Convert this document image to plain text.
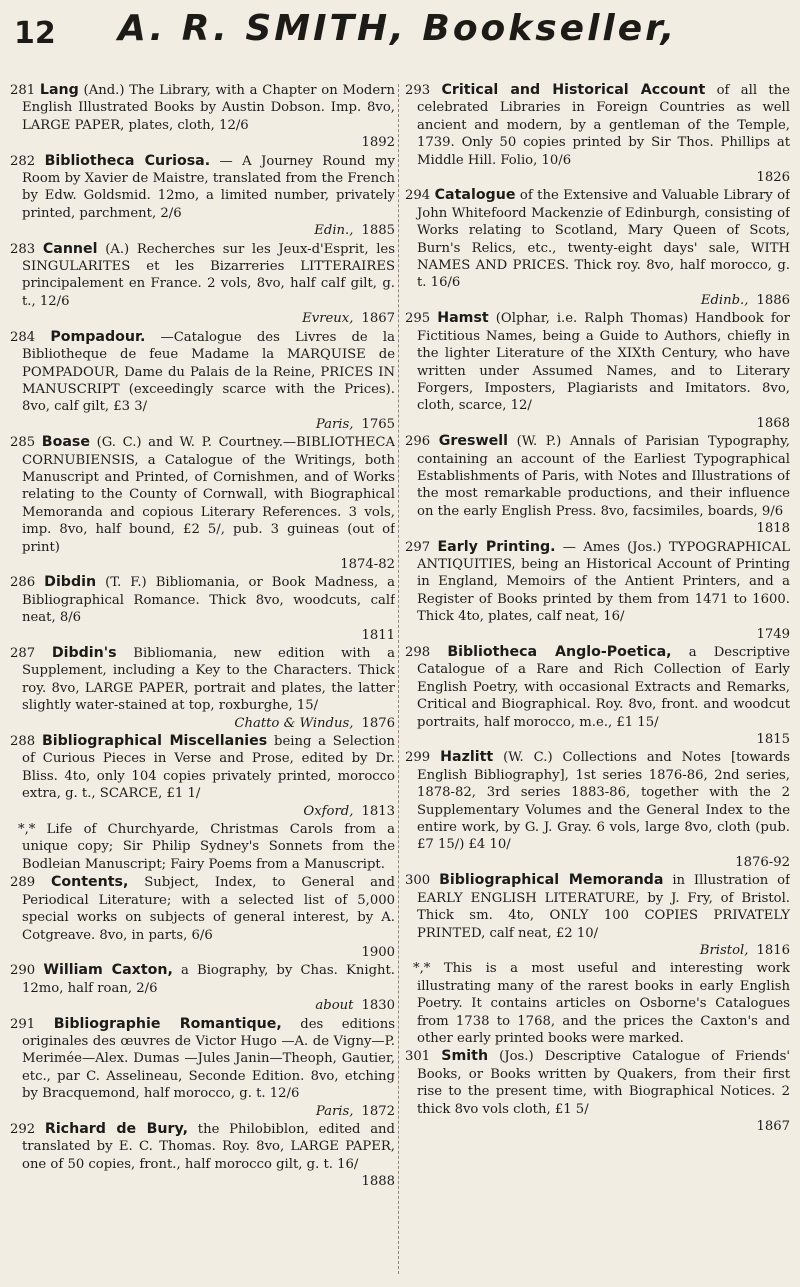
12 A. R. SMITH, Bookseller,

281 Lang (And.) The Library, with a Chapter on Modern English Illustrated Books by Austin Dobson. Imp. 8vo, LARGE PAPER, plates, cloth, 12/6
1892

282 Bibliotheca Curiosa. — A Journey Round my Room by Xavier de Maistre, translated from the French by Edw. Goldsmid. 12mo, a limited number, privately printed, parchment, 2/6
Edin., 1885

283 Cannel (A.) Recherches sur les Jeux-d'Esprit, les SINGULARITES et les Bizarreries LITTERAIRES principalement en France. 2 vols, 8vo, half calf gilt, g. t., 12/6
Evreux, 1867

284 Pompadour. —Catalogue des Livres de la Bibliotheque de feue Madame la MARQUISE de POMPADOUR, Dame du Palais de la Reine, PRICES IN MANUSCRIPT (exceedingly scarce with the Prices). 8vo, calf gilt, £3 3/
Paris, 1765

285 Boase (G. C.) and W. P. Courtney.—BIBLIOTHECA CORNUBIENSIS, a Catalogue of the Writings, both Manuscript and Printed, of Cornishmen, and of Works relating to the County of Cornwall, with Biographical Memoranda and copious Literary References. 3 vols, imp. 8vo, half bound, £2 5/, pub. 3 guineas (out of print)
1874-82

286 Dibdin (T. F.) Bibliomania, or Book Madness, a Bibliographical Romance. Thick 8vo, woodcuts, calf neat, 8/6
1811

287 Dibdin's Bibliomania, new edition with a Supplement, including a Key to the Characters. Thick roy. 8vo, LARGE PAPER, portrait and plates, the latter slightly water-stained at top, roxburghe, 15/
Chatto & Windus, 1876

288 Bibliographical Miscellanies being a Selection of Curious Pieces in Verse and Prose, edited by Dr. Bliss. 4to, only 104 copies privately printed, morocco extra, g. t., SCARCE, £1 1/
Oxford, 1813

*,* Life of Churchyarde, Christmas Carols from a unique copy; Sir Philip Sydney's Sonnets from the Bodleian Manuscript; Fairy Poems from a Manuscript.

289 Contents, Subject, Index, to General and Periodical Literature; with a selected list of 5,000 special works on subjects of general interest, by A. Cotgreave. 8vo, in parts, 6/6
1900

290 William Caxton, a Biography, by Chas. Knight. 12mo, half roan, 2/6
about 1830

291 Bibliographie Romantique, des editions originales des œuvres de Victor Hugo —A. de Vigny—P. Merimée—Alex. Dumas —Jules Janin—Theoph, Gautier, etc., par C. Asselineau, Seconde Edition. 8vo, etching by Bracquemond, half morocco, g. t. 12/6
Paris, 1872

292 Richard de Bury, the Philobiblon, edited and translated by E. C. Thomas. Roy. 8vo, LARGE PAPER, one of 50 copies, front., half morocco gilt, g. t. 16/
1888

293 Critical and Historical Account of all the celebrated Libraries in Foreign Countries as well ancient and modern, by a gentleman of the Temple, 1739. Only 50 copies printed by Sir Thos. Phillips at Middle Hill. Folio, 10/6
1826

294 Catalogue of the Extensive and Valuable Library of John Whitefoord Mackenzie of Edinburgh, consisting of Works relating to Scotland, Mary Queen of Scots, Burn's Relics, etc., twenty-eight days' sale, WITH NAMES AND PRICES. Thick roy. 8vo, half morocco, g. t. 16/6
Edinb., 1886

295 Hamst (Olphar, i.e. Ralph Thomas) Handbook for Fictitious Names, being a Guide to Authors, chiefly in the lighter Literature of the XIXth Century, who have written under Assumed Names, and to Literary Forgers, Imposters, Plagiarists and Imitators. 8vo, cloth, scarce, 12/
1868

296 Greswell (W. P.) Annals of Parisian Typography, containing an account of the Earliest Typographical Establishments of Paris, with Notes and Illustrations of the most remarkable productions, and their influence on the early English Press. 8vo, facsimiles, boards, 9/6
1818

297 Early Printing. — Ames (Jos.) TYPOGRAPHICAL ANTIQUITIES, being an Historical Account of Printing in England, Memoirs of the Antient Printers, and a Register of Books printed by them from 1471 to 1600. Thick 4to, plates, calf neat, 16/
1749

298 Bibliotheca Anglo-Poetica, a Descriptive Catalogue of a Rare and Rich Collection of Early English Poetry, with occasional Extracts and Remarks, Critical and Biographical. Roy. 8vo, front. and woodcut portraits, half morocco, m.e., £1 15/
1815

299 Hazlitt (W. C.) Collections and Notes [towards English Bibliography], 1st series 1876-86, 2nd series, 1878-82, 3rd series 1883-86, together with the 2 Supplementary Volumes and the General Index to the entire work, by G. J. Gray. 6 vols, large 8vo, cloth (pub. £7 15/) £4 10/
1876-92

300 Bibliographical Memoranda in Illustration of EARLY ENGLISH LITERATURE, by J. Fry, of Bristol. Thick sm. 4to, ONLY 100 COPIES PRIVATELY PRINTED, calf neat, £2 10/
Bristol, 1816

*,* This is a most useful and interesting work illustrating many of the rarest books in early English Poetry. It contains articles on Osborne's Catalogues from 1738 to 1768, and the prices the Caxton's and other early printed books were marked.

301 Smith (Jos.) Descriptive Catalogue of Friends' Books, or Books written by Quakers, from their first rise to the present time, with Biographical Notices. 2 thick 8vo vols cloth, £1 5/
1867
